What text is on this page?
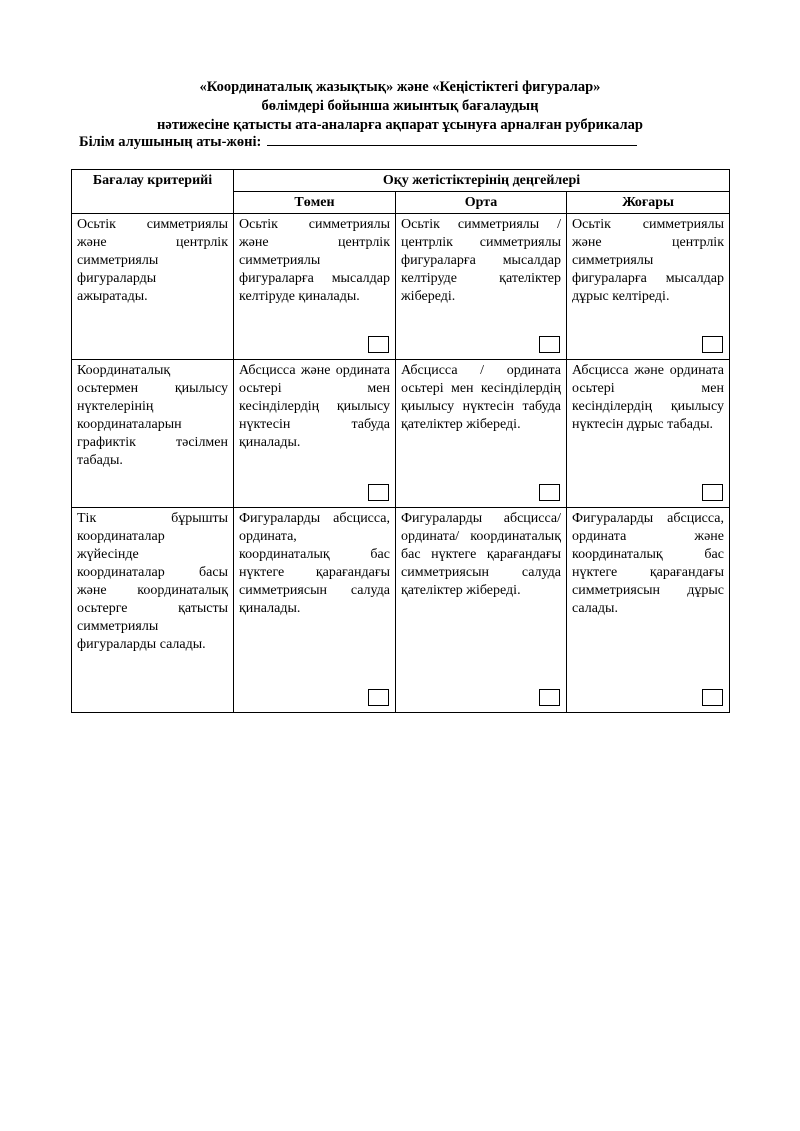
«Координаталық жазықтық» және «Кеңістіктегі фигуралар»
бөлімдері бойынша жиынтық бағалаудың
нәтижесіне қатысты ата-аналарға ақпарат ұсынуға арналған рубрикалар
Білім алушының аты-жөні:
Бағалау критерийі	Оқу жетістіктерінің деңгейлері		
	Төмен	Орта	Жоғары

Осьтік симметриялы және центрлік симметриялы фигураларды ажыратады.	Осьтік симметриялы және центрлік симметриялы фигураларға мысалдар келтіруде қиналады.	Осьтік симметриялы / центрлік симметриялы фигураларға мысалдар келтіруде қателіктер жібереді.	Осьтік симметриялы және центрлік симметриялы фигураларға мысалдар дұрыс келтіреді.

Координаталық осьтермен қиылысу нүктелерінің координаталарын графиктік тәсілмен табады.	Абсцисса және ордината осьтері мен кесінділердің қиылысу нүктесін табуда қиналады.	Абсцисса / ордината осьтері мен кесінділердің қиылысу нүктесін табуда қателіктер жібереді.	Абсцисса және ордината осьтері мен кесінділердің қиылысу нүктесін дұрыс табады.

Тік бұрышты координаталар жүйесінде координаталар басы және координаталық осьтерге қатысты симметриялы фигураларды салады.	Фигураларды абсцисса, ордината, координаталық бас нүктеге қарағандағы симметриясын салуда қиналады.	Фигураларды абсцисса/ ордината/ координаталық бас нүктеге қарағандағы симметриясын салуда қателіктер жібереді.	Фигураларды абсцисса, ордината және координаталық бас нүктеге қарағандағы симметриясын дұрыс салады.
